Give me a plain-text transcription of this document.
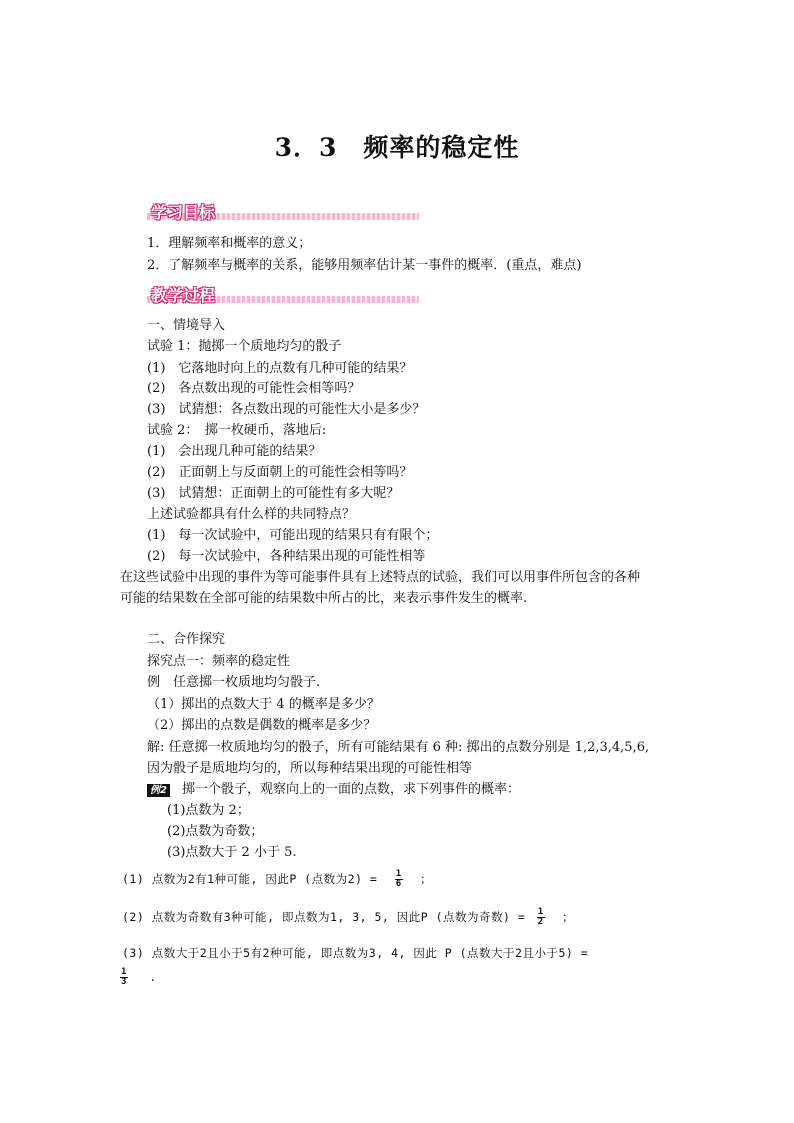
3．3　频率的稳定性
学习目标
1．理解频率和概率的意义；
2．了解频率与概率的关系，能够用频率估计某一事件的概率．(重点，难点)
教学过程
一、情境导入
试验 1：抛掷一个质地均匀的骰子
(1)　它落地时向上的点数有几种可能的结果？
(2)　各点数出现的可能性会相等吗？
(3)　试猜想：各点数出现的可能性大小是多少？
试验 2：　掷一枚硬币，落地后:
(1)　会出现几种可能的结果？
(2)　正面朝上与反面朝上的可能性会相等吗？
(3)　试猜想：正面朝上的可能性有多大呢？
上述试验都具有什么样的共同特点？
(1)　每一次试验中，可能出现的结果只有有限个；
(2)　每一次试验中，各种结果出现的可能性相等
在这些试验中出现的事件为等可能事件具有上述特点的试验，我们可以用事件所包含的各种
可能的结果数在全部可能的结果数中所占的比，来表示事件发生的概率.
二、合作探究
探究点一：频率的稳定性
例　任意掷一枚质地均匀骰子.
（1）掷出的点数大于 4 的概率是多少？
（2）掷出的点数是偶数的概率是多少？
解: 任意掷一枚质地均匀的骰子，所有可能结果有 6 种: 掷出的点数分别是 1,2,3,4,5,6,
因为骰子是质地均匀的，所以每种结果出现的可能性相等
例2 掷一个骰子，观察向上的一面的点数，求下列事件的概率：
(1)点数为 2；
(2)点数为奇数；
(3)点数大于 2 小于 5.
(1) 点数为2有1种可能, 因此P (点数为$2) = \frac{1}{6}$ ；
(2) 点数为奇数有3种可能, 即点数为1, 3, 5, 因此P (点数为奇数) = $\frac{1}{2}$ ；
(3) 点数大于2且小于5有2种可能, 即点数为3, 4, 因此 P (点数大于2且小于5) =
$\frac{1}{3}$ .
